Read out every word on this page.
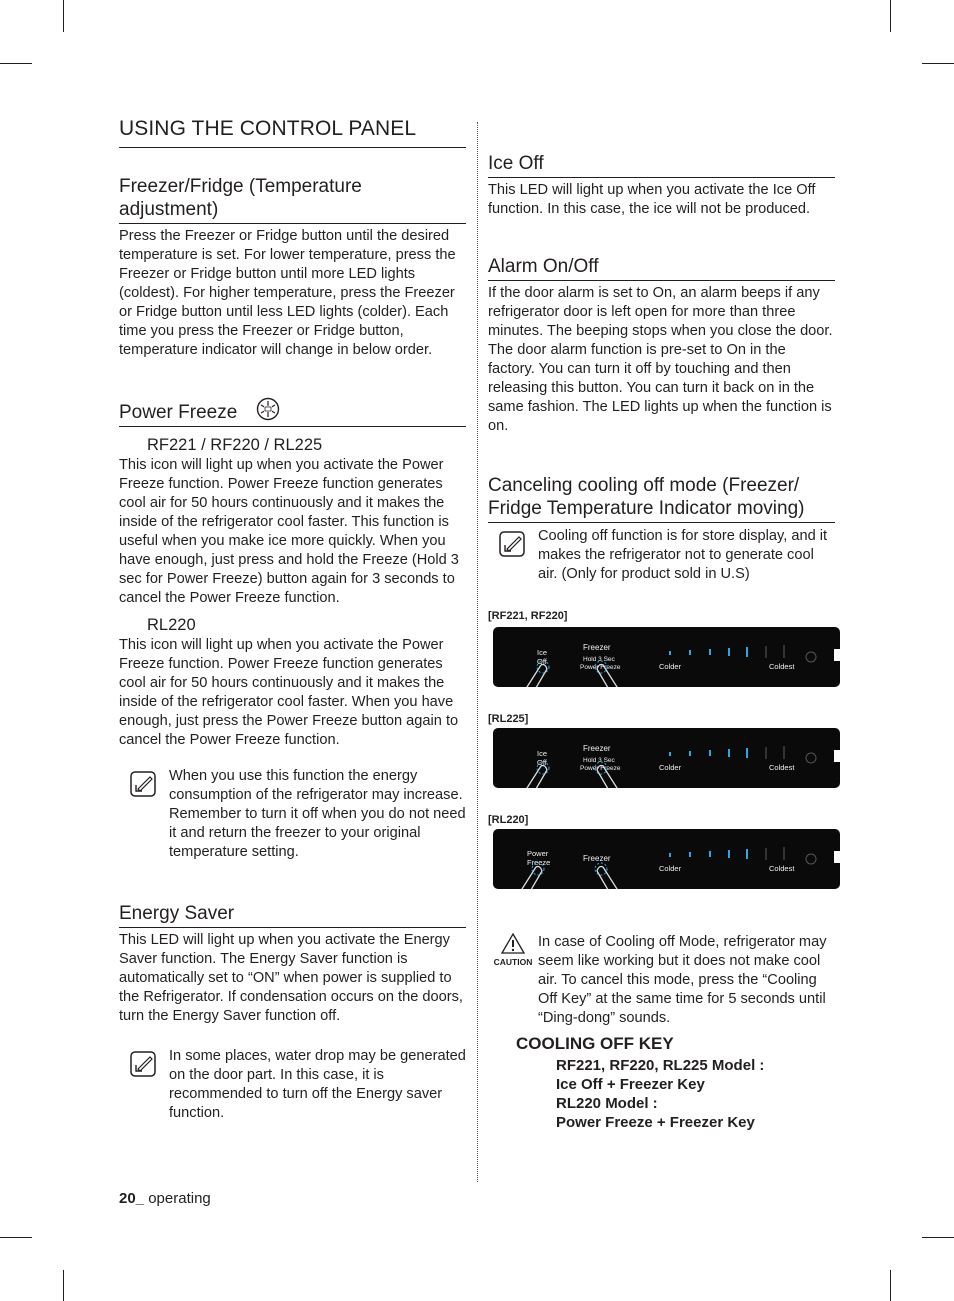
USING THE CONTROL PANEL
Freezer/Fridge (Temperature adjustment)

Press the Freezer or Fridge button until the desired temperature is set. For lower temperature, press the Freezer or Fridge button until more LED lights (coldest). For higher temperature, press the Freezer or Fridge button until less LED lights (colder). Each time you press the Freezer or Fridge button, temperature indicator will change in below order.

Power Freeze

RF221 / RF220 / RL225

This icon will light up when you activate the Power Freeze function. Power Freeze function generates cool air for 50 hours continuously and it makes the inside of the refrigerator cool faster. This function is useful when you make ice more quickly. When you have enough, just press and hold the Freeze (Hold 3 sec for Power Freeze) button again for 3 seconds to cancel the Power Freeze function.

RL220

This icon will light up when you activate the Power Freeze function. Power Freeze function generates cool air for 50 hours continuously and it makes the inside of the refrigerator cool faster. When you have enough, just press the Power Freeze button again to cancel the Power Freeze function.

When you use this function the energy consumption of the refrigerator may increase. Remember to turn it off when you do not need it and return the freezer to your original temperature setting.

Energy Saver

This LED will light up when you activate the Energy Saver function. The Energy Saver function is automatically set to “ON” when power is supplied to the Refrigerator. If condensation occurs on the doors, turn the Energy Saver function off.

In some places, water drop may be generated on the door part. In this case, it is recommended to turn off the Energy saver function.

20_ operating
Ice Off

This LED will light up when you activate the Ice Off function. In this case, the ice will not be produced.

Alarm On/Off

If the door alarm is set to On, an alarm beeps if any refrigerator door is left open for more than three minutes. The beeping stops when you close the door. The door alarm function is pre-set to On in the factory. You can turn it off by touching and then releasing this button. You can turn it back on in the same fashion. The LED lights up when the function is on.

Canceling cooling off mode (Freezer/ Fridge Temperature Indicator moving)

Cooling off function is for store display, and it makes the refrigerator not to generate cool air. (Only for product sold in U.S)

[RF221, RF220]

Ice
Off
Freezer
Hold 3 Sec
Power Freeze	Colder	Coldest

[RL225]

Ice
Off
Freezer
Hold 3 Sec
Power Freeze	Colder	Coldest

[RL220]

Power
Freeze	Freezer
Colder	Coldest
CAUTION

In case of Cooling off Mode, refrigerator may seem like working but it does not make cool air. To cancel this mode, press the “Cooling Off Key” at the same time for 5 seconds until “Ding-dong” sounds.

COOLING OFF KEY

RF221, RF220, RL225 Model :

Ice Off + Freezer Key

RL220 Model :

Power Freeze + Freezer Key
